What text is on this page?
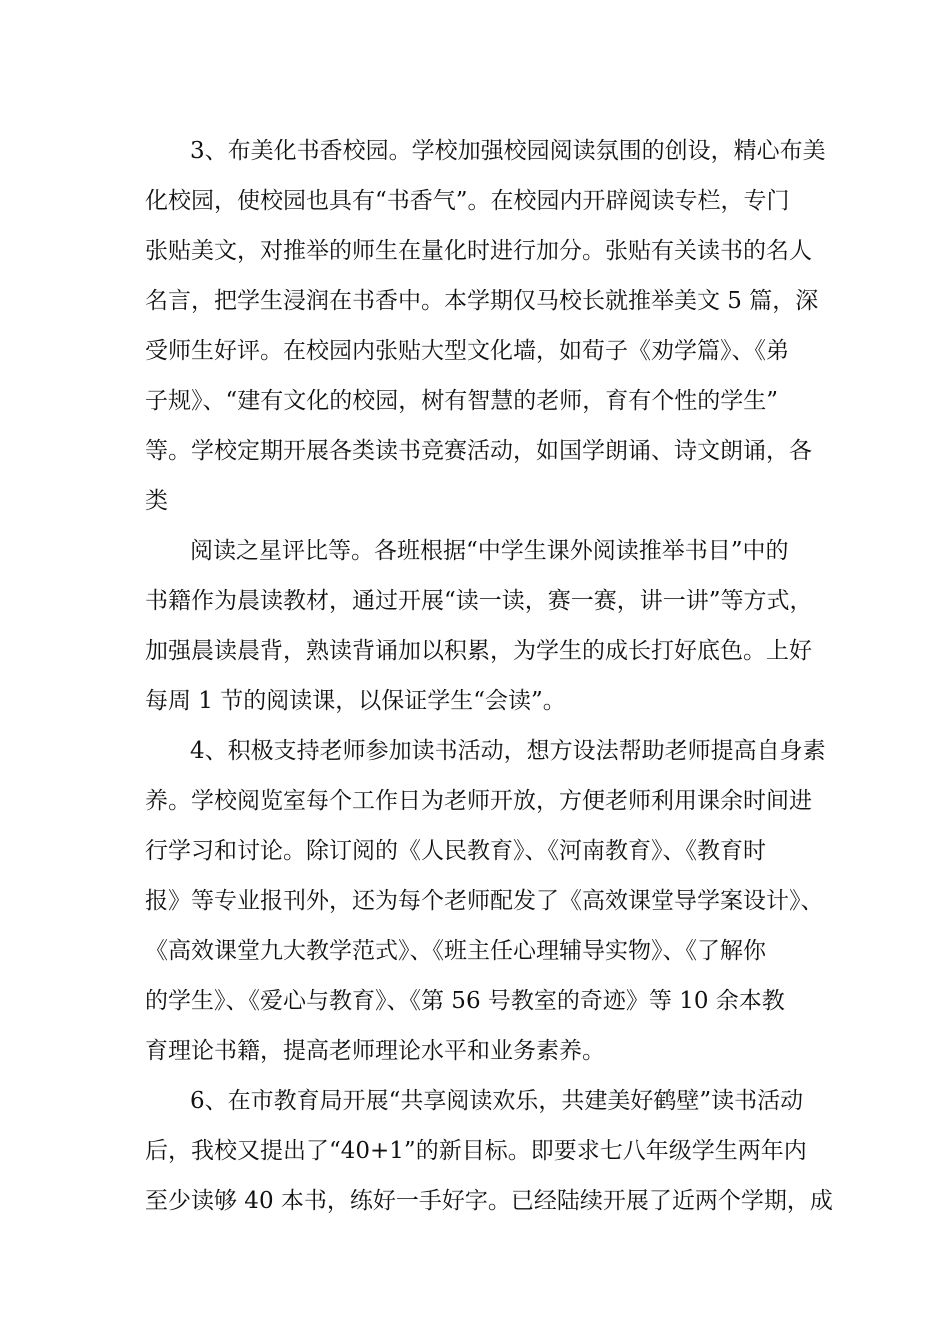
3、布美化书香校园。学校加强校园阅读氛围的创设，精心布美

化校园，使校园也具有“书香气”。在校园内开辟阅读专栏，专门

张贴美文，对推举的师生在量化时进行加分。张贴有关读书的名人

名言，把学生浸润在书香中。本学期仅马校长就推举美文 5 篇，深

受师生好评。在校园内张贴大型文化墙，如荀子《劝学篇》、《弟

子规》、“建有文化的校园，树有智慧的老师，育有个性的学生”

等。学校定期开展各类读书竞赛活动，如国学朗诵、诗文朗诵，各

类

阅读之星评比等。各班根据“中学生课外阅读推举书目”中的

书籍作为晨读教材，通过开展“读一读，赛一赛，讲一讲”等方式，

加强晨读晨背，熟读背诵加以积累，为学生的成长打好底色。上好

每周 1 节的阅读课，以保证学生“会读”。

4、积极支持老师参加读书活动，想方设法帮助老师提高自身素

养。学校阅览室每个工作日为老师开放，方便老师利用课余时间进

行学习和讨论。除订阅的《人民教育》、《河南教育》、《教育时

报》等专业报刊外，还为每个老师配发了《高效课堂导学案设计》、

《高效课堂九大教学范式》、《班主任心理辅导实物》、《了解你

的学生》、《爱心与教育》、《第 56 号教室的奇迹》等 10 余本教

育理论书籍，提高老师理论水平和业务素养。

6、在市教育局开展“共享阅读欢乐，共建美好鹤壁”读书活动

后，我校又提出了“40+1”的新目标。即要求七八年级学生两年内

至少读够 40 本书，练好一手好字。已经陆续开展了近两个学期，成
